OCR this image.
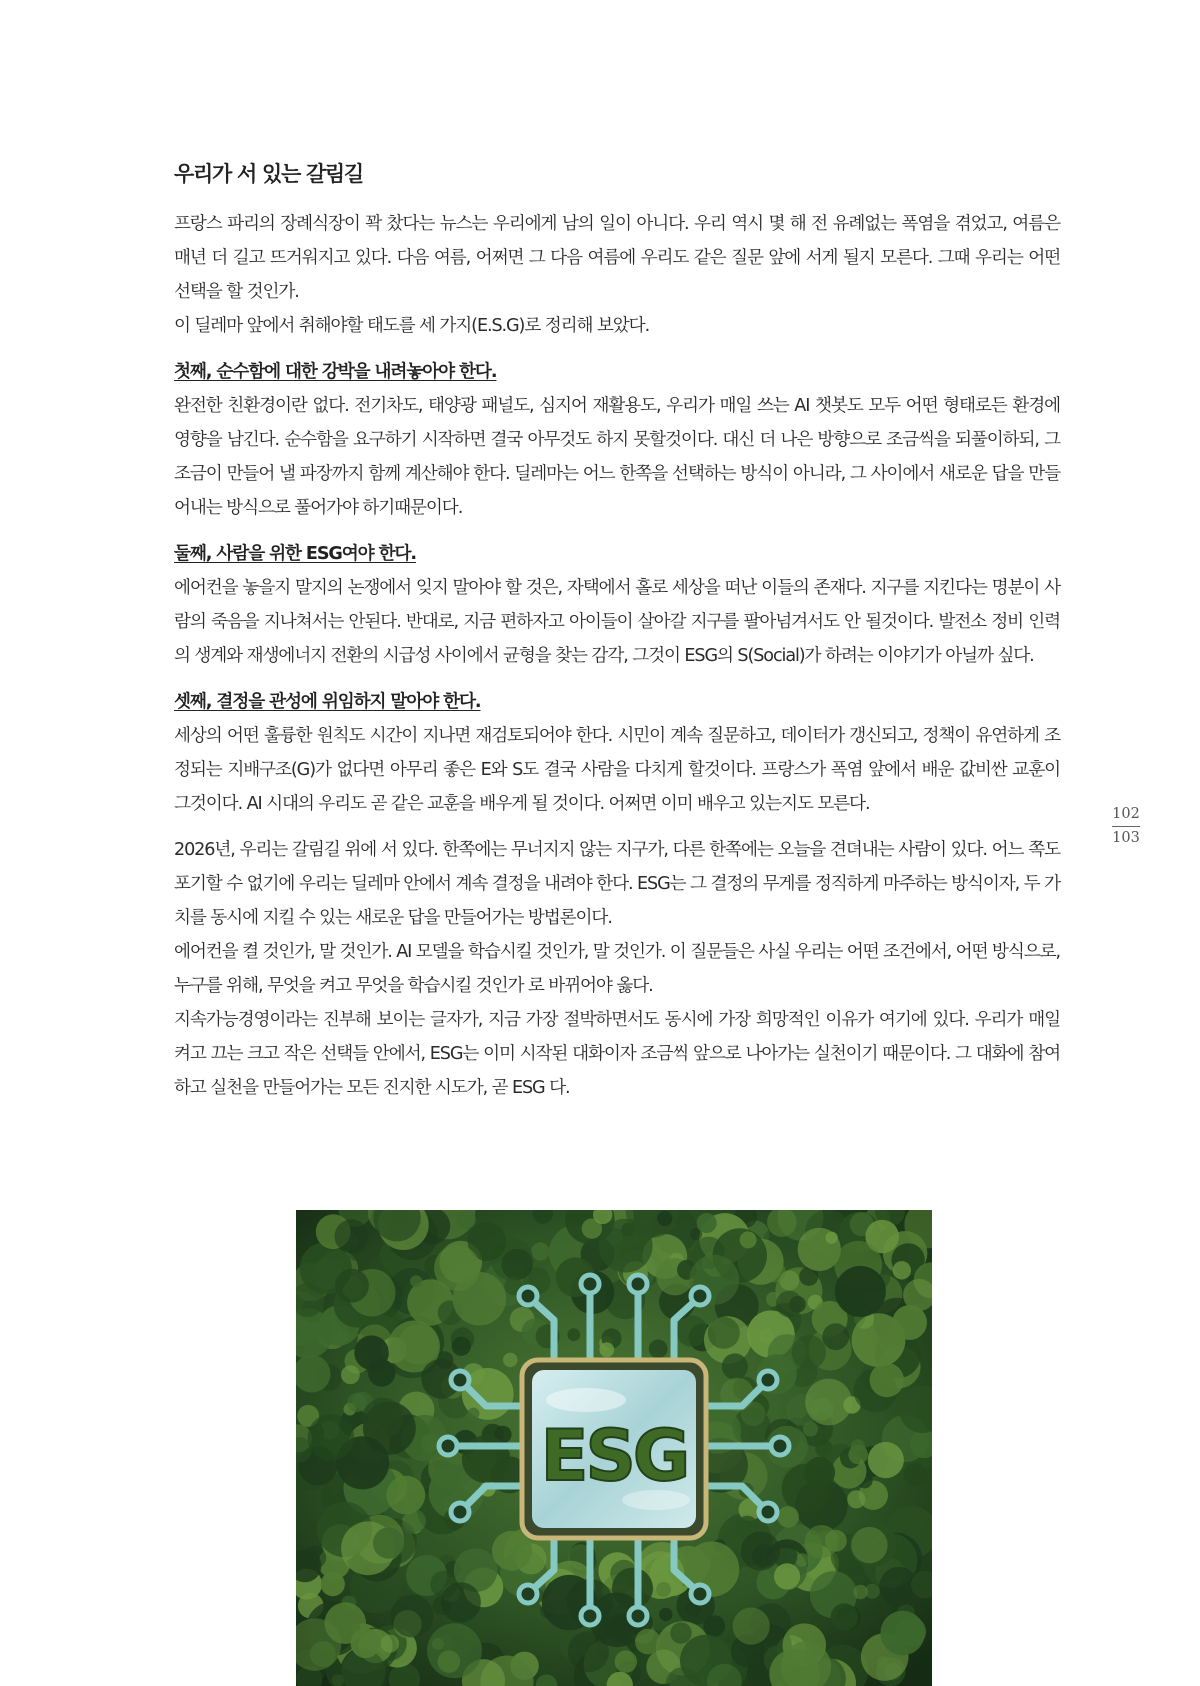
우리가 서 있는 갈림길

프랑스 파리의 장례식장이 꽉 찼다는 뉴스는 우리에게 남의 일이 아니다. 우리 역시 몇 해 전 유례없는 폭염을 겪었고, 여름은 매년 더 길고 뜨거워지고 있다. 다음 여름, 어쩌면 그 다음 여름에 우리도 같은 질문 앞에 서게 될지 모른다. 그때 우리는 어떤 선택을 할 것인가.

이 딜레마 앞에서 취해야할 태도를 세 가지(E.S.G)로 정리해 보았다.

첫째, 순수함에 대한 강박을 내려놓아야 한다.

완전한 친환경이란 없다. 전기차도, 태양광 패널도, 심지어 재활용도, 우리가 매일 쓰는 AI 챗봇도 모두 어떤 형태로든 환경에 영향을 남긴다. 순수함을 요구하기 시작하면 결국 아무것도 하지 못할것이다. 대신 더 나은 방향으로 조금씩을 되풀이하되, 그 조금이 만들어 낼 파장까지 함께 계산해야 한다. 딜레마는 어느 한쪽을 선택하는 방식이 아니라, 그 사이에서 새로운 답을 만들어내는 방식으로 풀어가야 하기때문이다.

둘째, 사람을 위한 ESG여야 한다.

에어컨을 놓을지 말지의 논쟁에서 잊지 말아야 할 것은, 자택에서 홀로 세상을 떠난 이들의 존재다. 지구를 지킨다는 명분이 사람의 죽음을 지나쳐서는 안된다. 반대로, 지금 편하자고 아이들이 살아갈 지구를 팔아넘겨서도 안 될것이다. 발전소 정비 인력의 생계와 재생에너지 전환의 시급성 사이에서 균형을 찾는 감각, 그것이 ESG의 S(Social)가 하려는 이야기가 아닐까 싶다.

셋째, 결정을 관성에 위임하지 말아야 한다.

세상의 어떤 훌륭한 원칙도 시간이 지나면 재검토되어야 한다. 시민이 계속 질문하고, 데이터가 갱신되고, 정책이 유연하게 조정되는 지배구조(G)가 없다면 아무리 좋은 E와 S도 결국 사람을 다치게 할것이다. 프랑스가 폭염 앞에서 배운 값비싼 교훈이 그것이다. AI 시대의 우리도 곧 같은 교훈을 배우게 될 것이다. 어쩌면 이미 배우고 있는지도 모른다.

2026년, 우리는 갈림길 위에 서 있다. 한쪽에는 무너지지 않는 지구가, 다른 한쪽에는 오늘을 견뎌내는 사람이 있다. 어느 쪽도 포기할 수 없기에 우리는 딜레마 안에서 계속 결정을 내려야 한다. ESG는 그 결정의 무게를 정직하게 마주하는 방식이자, 두 가치를 동시에 지킬 수 있는 새로운 답을 만들어가는 방법론이다.

에어컨을 켤 것인가, 말 것인가. AI 모델을 학습시킬 것인가, 말 것인가. 이 질문들은 사실 우리는 어떤 조건에서, 어떤 방식으로, 누구를 위해, 무엇을 켜고 무엇을 학습시킬 것인가 로 바뀌어야 옳다.

지속가능경영이라는 진부해 보이는 글자가, 지금 가장 절박하면서도 동시에 가장 희망적인 이유가 여기에 있다. 우리가 매일 켜고 끄는 크고 작은 선택들 안에서, ESG는 이미 시작된 대화이자 조금씩 앞으로 나아가는 실천이기 때문이다. 그 대화에 참여하고 실천을 만들어가는 모든 진지한 시도가, 곧 ESG 다.

102
103
ESG
